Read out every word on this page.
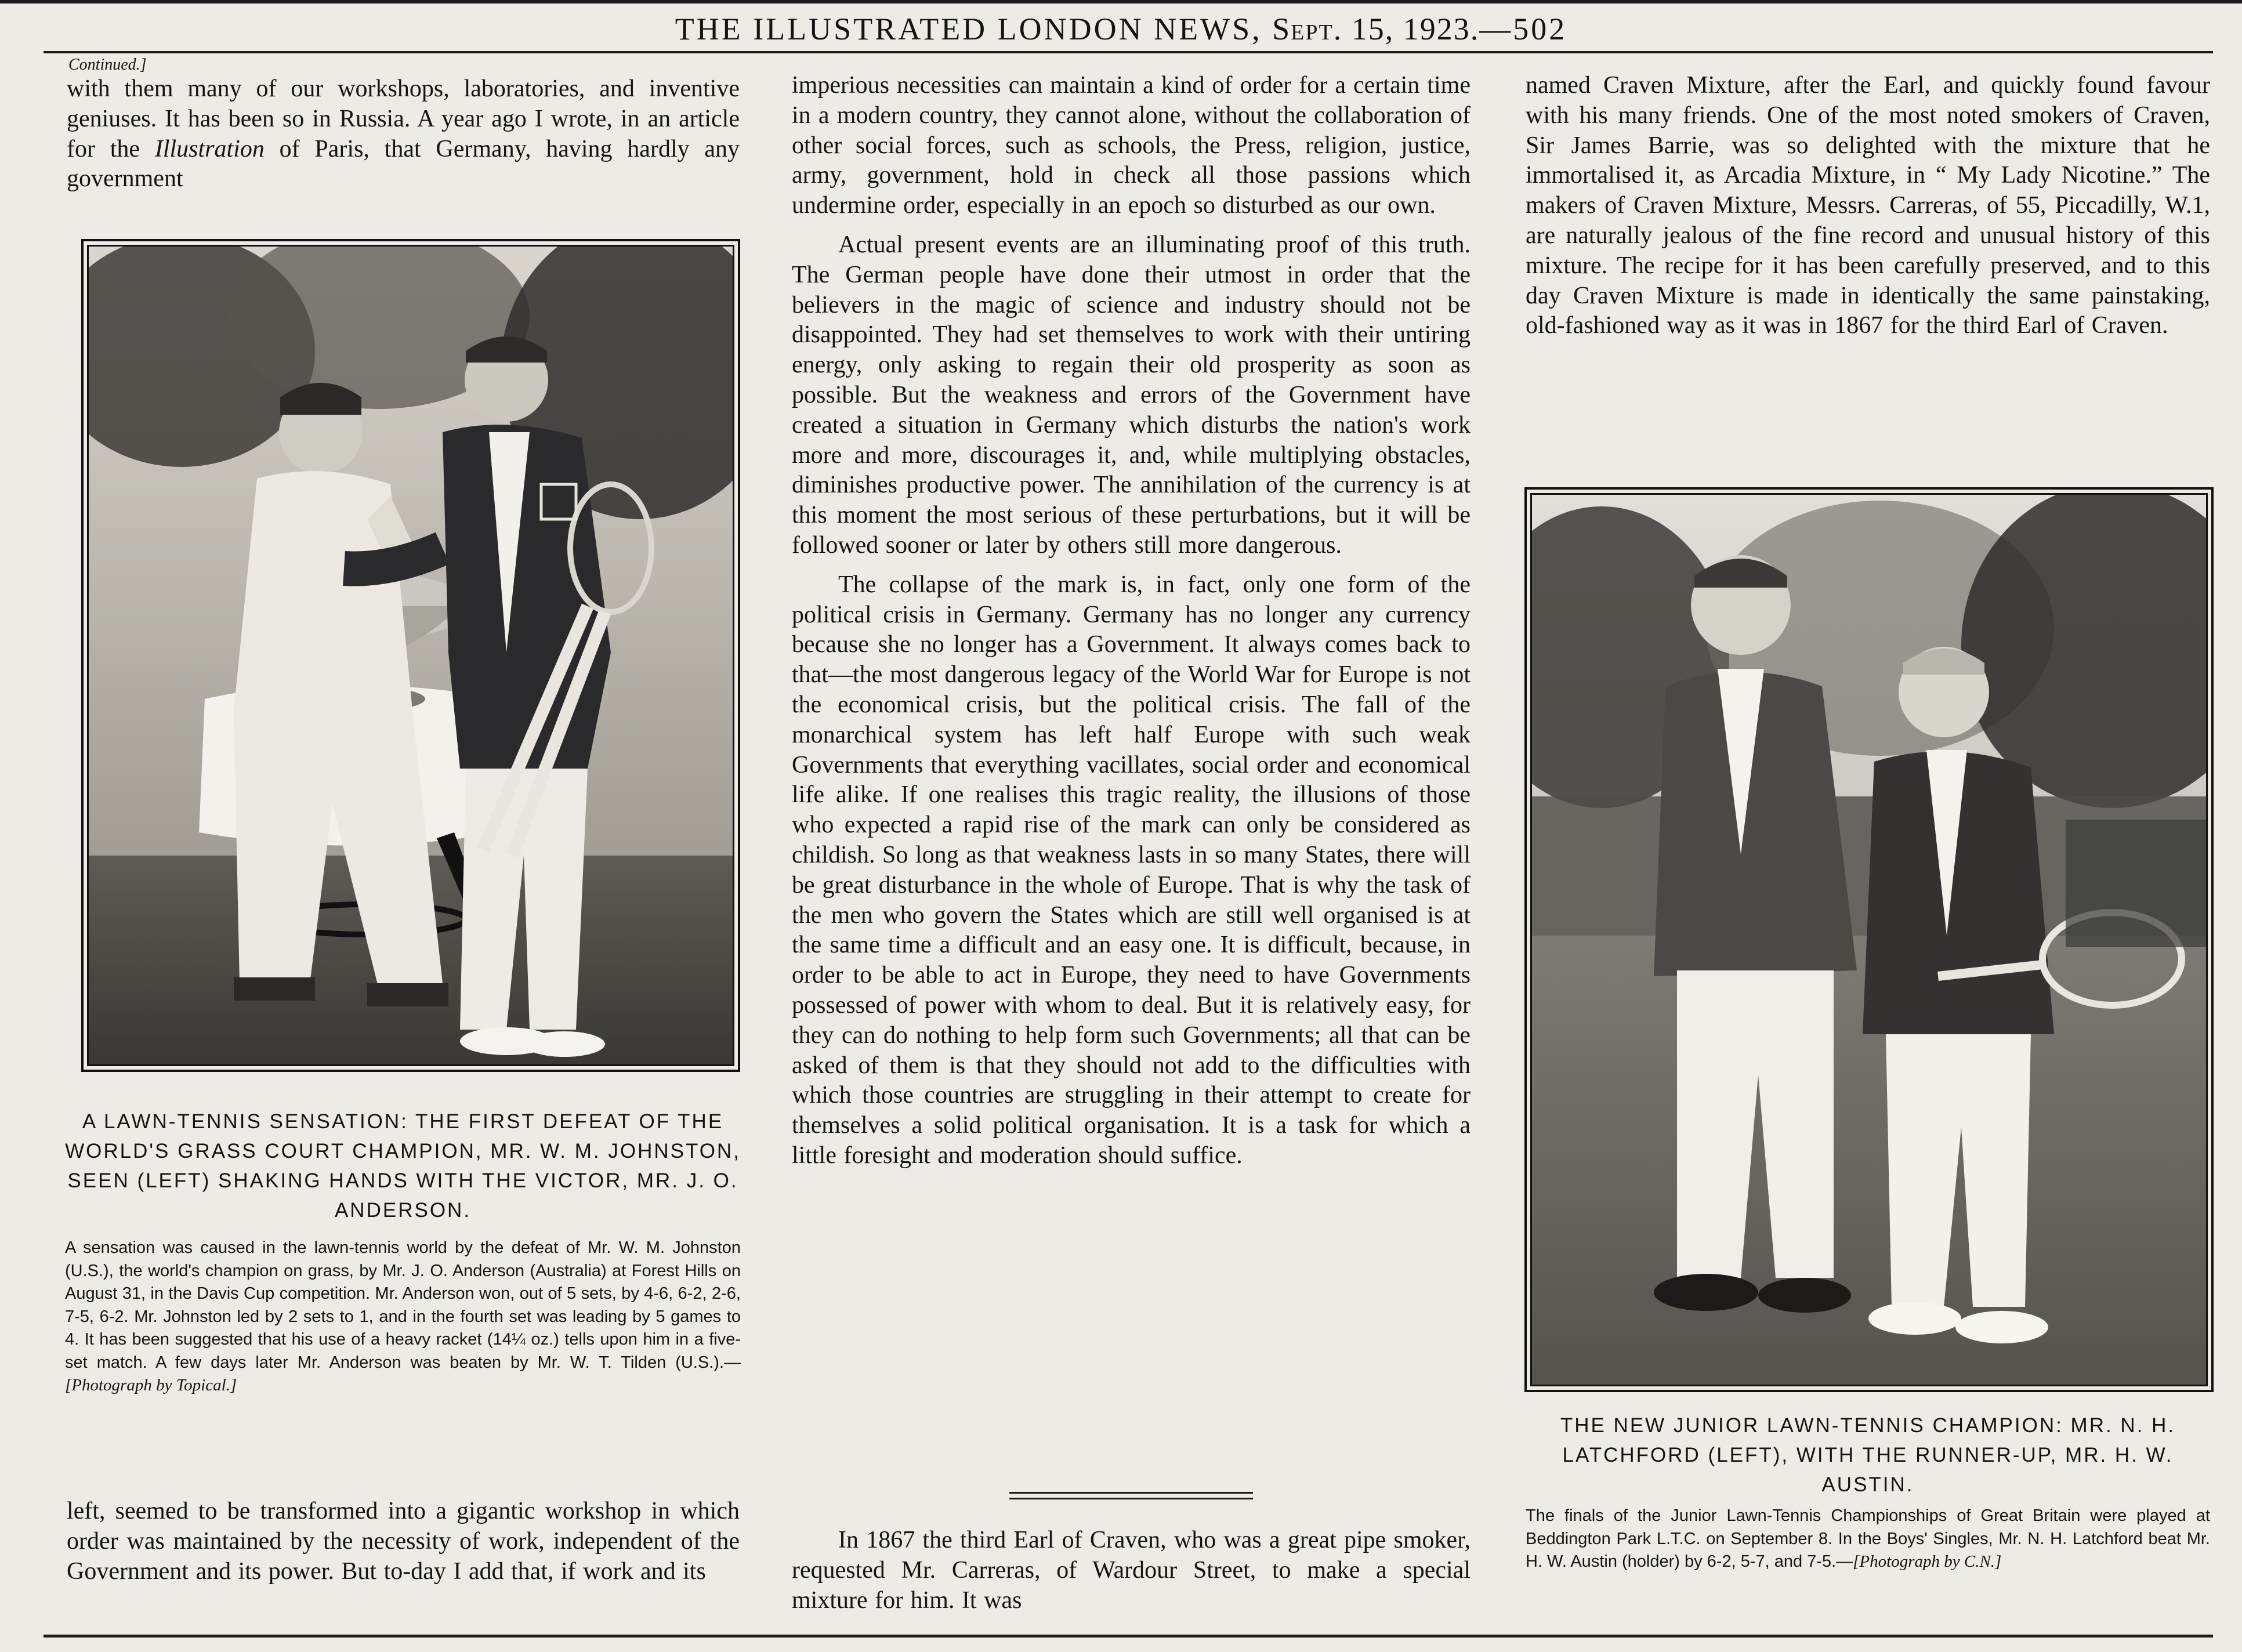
THE ILLUSTRATED LONDON NEWS, Sept. 15, 1923.—502
Continued.]

with them many of our workshops, laboratories, and inventive geniuses. It has been so in Russia. A year ago I wrote, in an article for the Illustration of Paris, that Germany, having hardly any government

A LAWN-TENNIS SENSATION: THE FIRST DEFEAT OF THE WORLD'S GRASS COURT CHAMPION, MR. W. M. JOHNSTON, SEEN (LEFT) SHAKING HANDS WITH THE VICTOR, MR. J. O. ANDERSON.
A sensation was caused in the lawn-tennis world by the defeat of Mr. W. M. Johnston (U.S.), the world's champion on grass, by Mr. J. O. Anderson (Australia) at Forest Hills on August 31, in the Davis Cup competition. Mr. Anderson won, out of 5 sets, by 4-6, 6-2, 2-6, 7-5, 6-2. Mr. Johnston led by 2 sets to 1, and in the fourth set was leading by 5 games to 4. It has been suggested that his use of a heavy racket (14¼ oz.) tells upon him in a five-set match. A few days later Mr. Anderson was beaten by Mr. W. T. Tilden (U.S.).—[Photograph by Topical.]

left, seemed to be transformed into a gigantic workshop in which order was maintained by the necessity of work, independent of the Government and its power. But to-day I add that, if work and its

imperious necessities can maintain a kind of order for a certain time in a modern country, they cannot alone, without the collaboration of other social forces, such as schools, the Press, religion, justice, army, government, hold in check all those passions which undermine order, especially in an epoch so disturbed as our own.

Actual present events are an illuminating proof of this truth. The German people have done their utmost in order that the believers in the magic of science and industry should not be disappointed. They had set themselves to work with their untiring energy, only asking to regain their old prosperity as soon as possible. But the weakness and errors of the Government have created a situation in Germany which disturbs the nation's work more and more, discourages it, and, while multiplying obstacles, diminishes productive power. The annihilation of the currency is at this moment the most serious of these perturbations, but it will be followed sooner or later by others still more dangerous.

The collapse of the mark is, in fact, only one form of the political crisis in Germany. Germany has no longer any currency because she no longer has a Government. It always comes back to that—the most dangerous legacy of the World War for Europe is not the economical crisis, but the political crisis. The fall of the monarchical system has left half Europe with such weak Governments that everything vacillates, social order and economical life alike. If one realises this tragic reality, the illusions of those who expected a rapid rise of the mark can only be considered as childish. So long as that weakness lasts in so many States, there will be great disturbance in the whole of Europe. That is why the task of the men who govern the States which are still well organised is at the same time a difficult and an easy one. It is difficult, because, in order to be able to act in Europe, they need to have Governments possessed of power with whom to deal. But it is relatively easy, for they can do nothing to help form such Governments; all that can be asked of them is that they should not add to the difficulties with which those countries are struggling in their attempt to create for themselves a solid political organisation. It is a task for which a little foresight and moderation should suffice.

In 1867 the third Earl of Craven, who was a great pipe smoker, requested Mr. Carreras, of Wardour Street, to make a special mixture for him. It was

named Craven Mixture, after the Earl, and quickly found favour with his many friends. One of the most noted smokers of Craven, Sir James Barrie, was so delighted with the mixture that he immortalised it, as Arcadia Mixture, in “ My Lady Nicotine.” The makers of Craven Mixture, Messrs. Carreras, of 55, Piccadilly, W.1, are naturally jealous of the fine record and unusual history of this mixture. The recipe for it has been carefully preserved, and to this day Craven Mixture is made in identically the same painstaking, old-fashioned way as it was in 1867 for the third Earl of Craven.

THE NEW JUNIOR LAWN-TENNIS CHAMPION: MR. N. H. LATCHFORD (LEFT), WITH THE RUNNER-UP, MR. H. W. AUSTIN.
The finals of the Junior Lawn-Tennis Championships of Great Britain were played at Beddington Park L.T.C. on September 8. In the Boys' Singles, Mr. N. H. Latchford beat Mr. H. W. Austin (holder) by 6-2, 5-7, and 7-5.—[Photograph by C.N.]
